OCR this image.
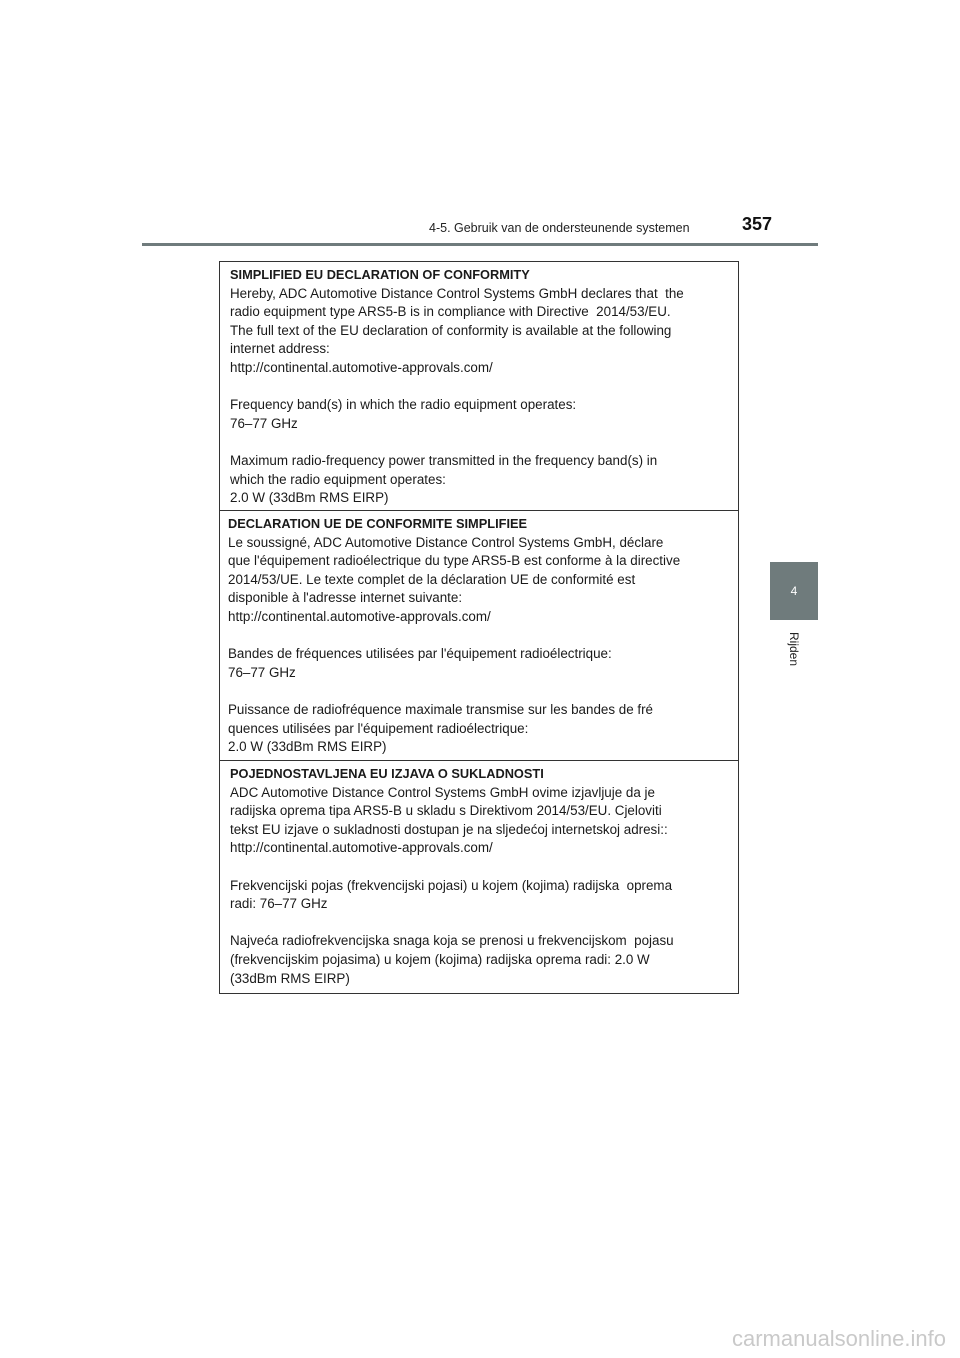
4-5. Gebruik van de ondersteunende systemen	357
4
Rijden

SIMPLIFIED EU DECLARATION OF CONFORMITY

Hereby, ADC Automotive Distance Control Systems GmbH declares that  the
radio equipment type ARS5-B is in compliance with Directive  2014/53/EU.
The full text of the EU declaration of conformity is available at the following
internet address:
http://continental.automotive-approvals.com/

Frequency band(s) in which the radio equipment operates:
76–77 GHz

Maximum radio-frequency power transmitted in the frequency band(s) in
which the radio equipment operates:
2.0 W (33dBm RMS EIRP)

DECLARATION UE DE CONFORMITE SIMPLIFIEE

Le soussigné, ADC Automotive Distance Control Systems GmbH, déclare
que l'équipement radioélectrique du type ARS5-B est conforme à la directive
2014/53/UE. Le texte complet de la déclaration UE de conformité est
disponible à l'adresse internet suivante:
http://continental.automotive-approvals.com/

Bandes de fréquences utilisées par l'équipement radioélectrique:
76–77 GHz

Puissance de radiofréquence maximale transmise sur les bandes de fré
quences utilisées par l'équipement radioélectrique:
2.0 W (33dBm RMS EIRP)

POJEDNOSTAVLJENA EU IZJAVA O SUKLADNOSTI

ADC Automotive Distance Control Systems GmbH ovime izjavljuje da je
radijska oprema tipa ARS5-B u skladu s Direktivom 2014/53/EU. Cjeloviti
tekst EU izjave o sukladnosti dostupan je na sljedećoj internetskoj adresi::
http://continental.automotive-approvals.com/

Frekvencijski pojas (frekvencijski pojasi) u kojem (kojima) radijska  oprema
radi: 76–77 GHz

Najveća radiofrekvencijska snaga koja se prenosi u frekvencijskom  pojasu
(frekvencijskim pojasima) u kojem (kojima) radijska oprema radi: 2.0 W
(33dBm RMS EIRP)

carmanualsonline.info
